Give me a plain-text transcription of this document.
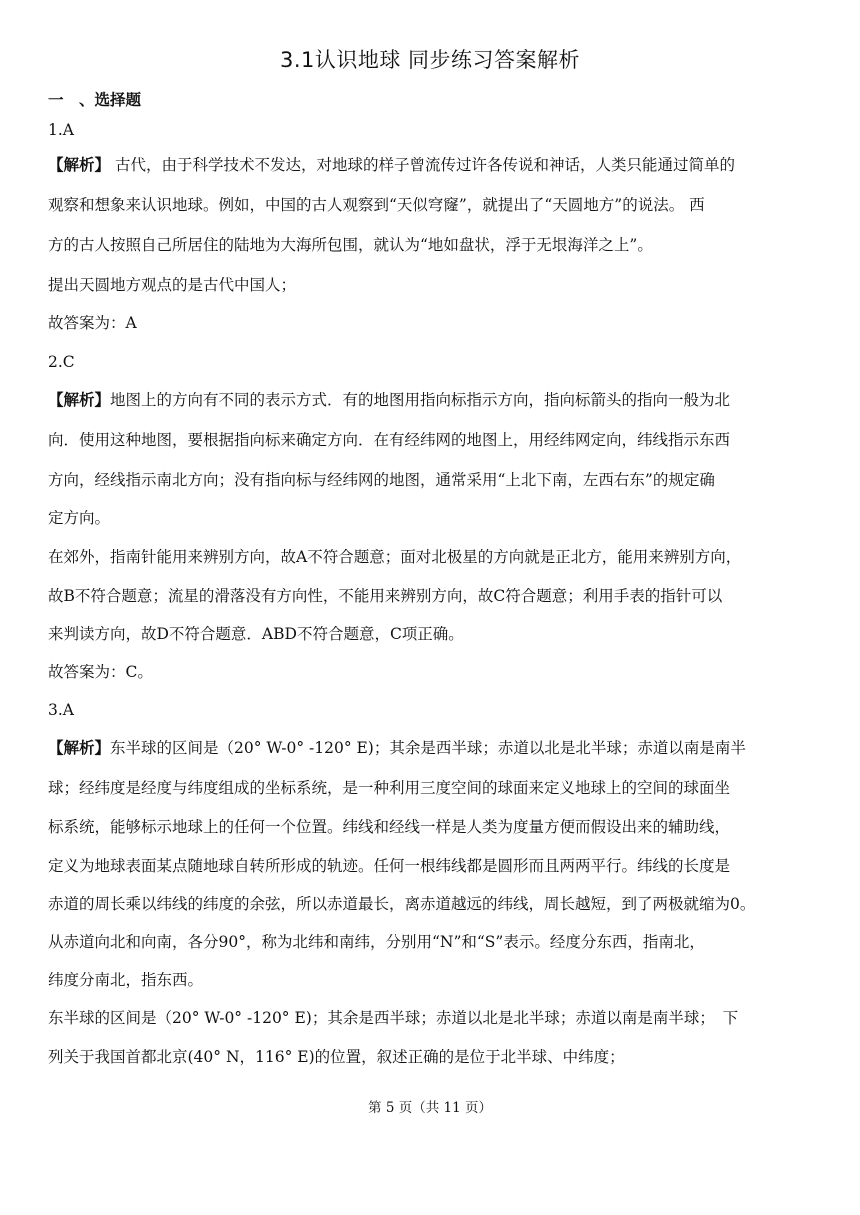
3.1认识地球 同步练习答案解析
一　、选择题
1.A
【解析】 古代，由于科学技术不发达，对地球的样子曾流传过许各传说和神话，人类只能通过简单的
观察和想象来认识地球。例如，中国的古人观察到“天似穹窿”，就提出了“天圆地方”的说法。 西
方的古人按照自己所居住的陆地为大海所包围，就认为“地如盘状，浮于无垠海洋之上”。
提出天圆地方观点的是古代中国人；
故答案为：A
2.C
【解析】地图上的方向有不同的表示方式．有的地图用指向标指示方向，指向标箭头的指向一般为北
向．使用这种地图，要根据指向标来确定方向．在有经纬网的地图上，用经纬网定向，纬线指示东西
方向，经线指示南北方向；没有指向标与经纬网的地图，通常采用“上北下南，左西右东”的规定确
定方向。
在郊外，指南针能用来辨别方向，故A不符合题意；面对北极星的方向就是正北方，能用来辨别方向，
故B不符合题意；流星的滑落没有方向性，不能用来辨别方向，故C符合题意；利用手表的指针可以
来判读方向，故D不符合题意．ABD不符合题意，C项正确。
故答案为：C。
3.A
【解析】东半球的区间是（20° W-0° -120° E)；其余是西半球；赤道以北是北半球；赤道以南是南半
球；经纬度是经度与纬度组成的坐标系统，是一种利用三度空间的球面来定义地球上的空间的球面坐
标系统，能够标示地球上的任何一个位置。纬线和经线一样是人类为度量方便而假设出来的辅助线，
定义为地球表面某点随地球自转所形成的轨迹。任何一根纬线都是圆形而且两两平行。纬线的长度是
赤道的周长乘以纬线的纬度的余弦，所以赤道最长，离赤道越远的纬线，周长越短，到了两极就缩为0。
从赤道向北和向南，各分90°，称为北纬和南纬，分别用“N”和“S”表示。经度分东西，指南北，
纬度分南北，指东西。
东半球的区间是（20° W-0° -120° E)；其余是西半球；赤道以北是北半球；赤道以南是南半球；　下
列关于我国首都北京(40° N，116° E)的位置，叙述正确的是位于北半球、中纬度；
第 5 页（共 11 页）
